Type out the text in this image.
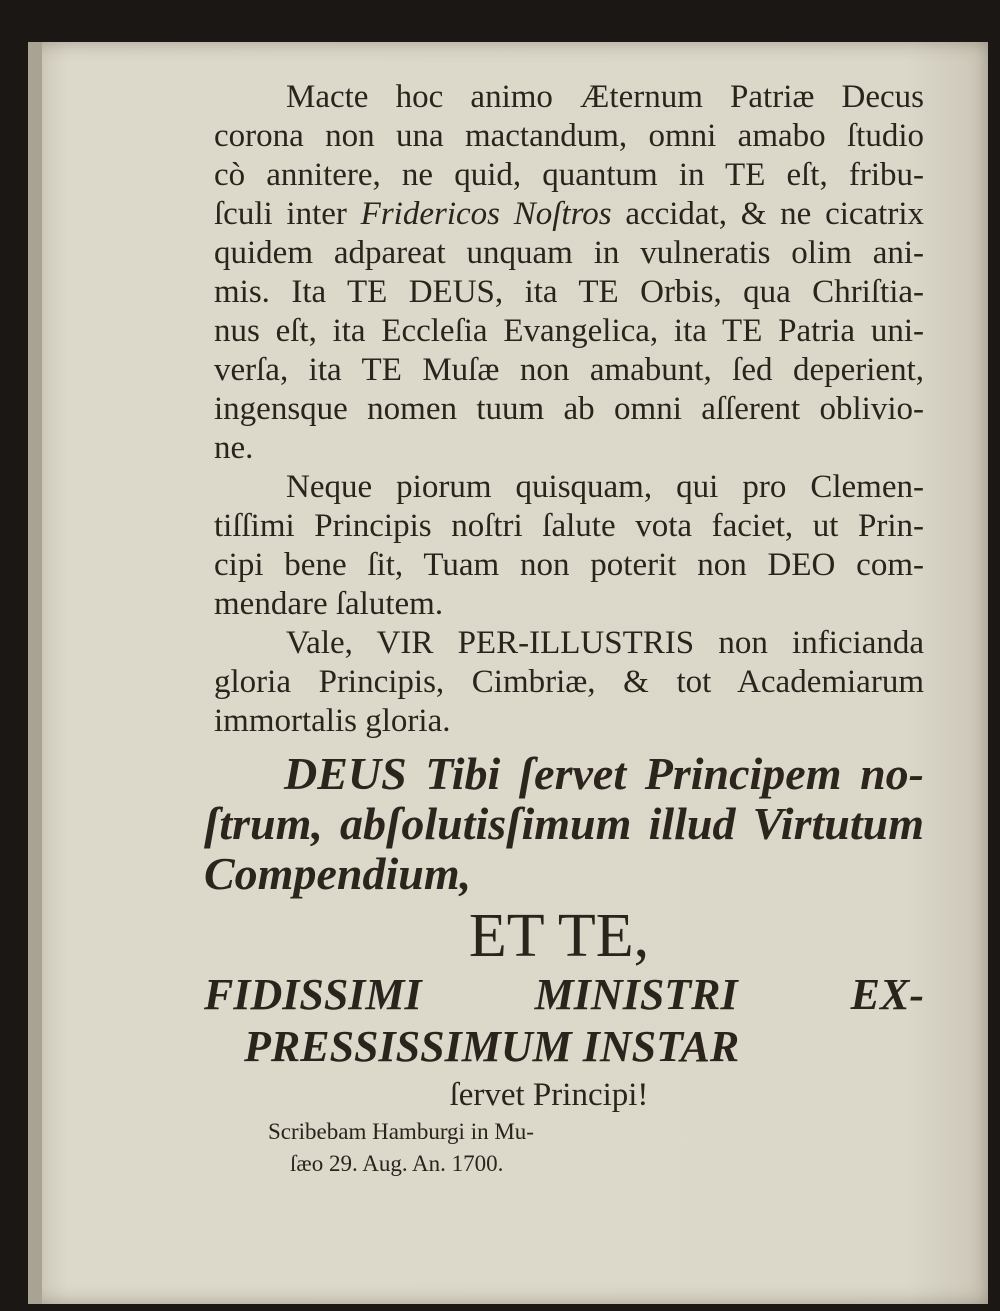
Macte hoc animo Æternum Patriæ Decus
corona non una mactandum, omni amabo ſtudio
cò annitere, ne quid, quantum in TE eſt, fribu-
ſculi inter Fridericos Noſtros accidat, & ne cicatrix
quidem adpareat unquam in vulneratis olim ani-
mis. Ita TE DEUS, ita TE Orbis, qua Chriſtia-
nus eſt, ita Eccleſia Evangelica, ita TE Patria uni-
verſa, ita TE Muſæ non amabunt, ſed deperient,
ingensque nomen tuum ab omni aſſerent oblivio-
ne.
Neque piorum quisquam, qui pro Clemen-
tiſſimi Principis noſtri ſalute vota faciet, ut Prin-
cipi bene ſit, Tuam non poterit non DEO com-
mendare ſalutem.
Vale, VIR PER-ILLUSTRIS non inficianda
gloria Principis, Cimbriæ, & tot Academiarum
immortalis gloria.
DEUS Tibi ſervet Principem no-
ſtrum, abſolutisſimum illud Virtutum
Compendium,
ET TE,
FIDISSIMI MINISTRI EX-
PRESSISSIMUM INSTAR
ſervet Principi!
Scribebam Hamburgi in Mu-
ſæo 29. Aug. An. 1700.
